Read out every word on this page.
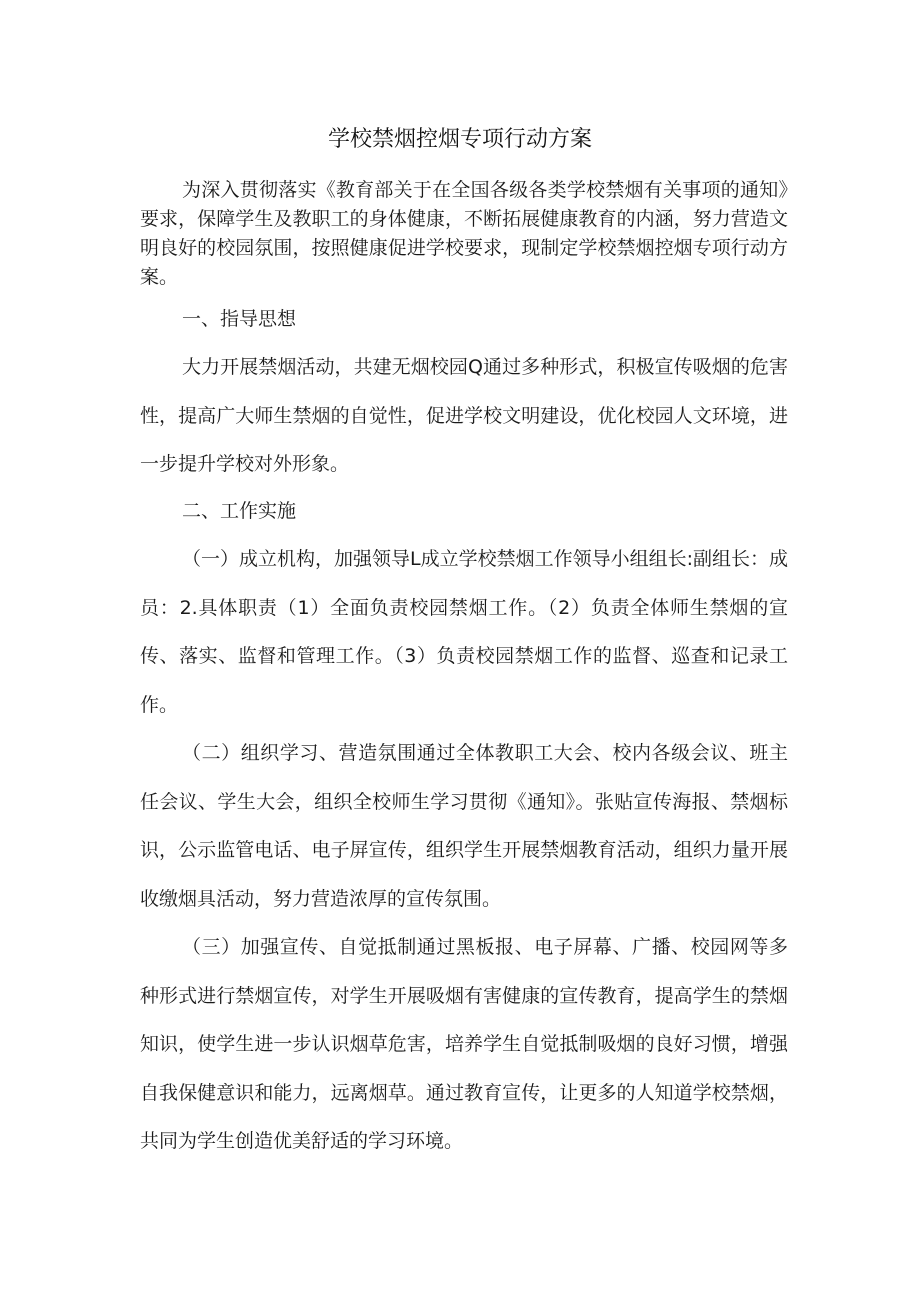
学校禁烟控烟专项行动方案

为深入贯彻落实《教育部关于在全国各级各类学校禁烟有关事项的通知》要求，保障学生及教职工的身体健康，不断拓展健康教育的内涵，努力营造文明良好的校园氛围，按照健康促进学校要求，现制定学校禁烟控烟专项行动方案。

一、指导思想

大力开展禁烟活动，共建无烟校园Q通过多种形式，积极宣传吸烟的危害性，提高广大师生禁烟的自觉性，促进学校文明建设，优化校园人文环境，进一步提升学校对外形象。

二、工作实施

（一）成立机构，加强领导L成立学校禁烟工作领导小组组长:副组长：成员：2.具体职责（1）全面负责校园禁烟工作。（2）负责全体师生禁烟的宣传、落实、监督和管理工作。（3）负责校园禁烟工作的监督、巡查和记录工作。

（二）组织学习、营造氛围通过全体教职工大会、校内各级会议、班主任会议、学生大会，组织全校师生学习贯彻《通知》。张贴宣传海报、禁烟标识，公示监管电话、电子屏宣传，组织学生开展禁烟教育活动，组织力量开展收缴烟具活动，努力营造浓厚的宣传氛围。

（三）加强宣传、自觉抵制通过黑板报、电子屏幕、广播、校园网等多种形式进行禁烟宣传，对学生开展吸烟有害健康的宣传教育，提高学生的禁烟知识，使学生进一步认识烟草危害，培养学生自觉抵制吸烟的良好习惯，增强自我保健意识和能力，远离烟草。通过教育宣传，让更多的人知道学校禁烟，共同为学生创造优美舒适的学习环境。
